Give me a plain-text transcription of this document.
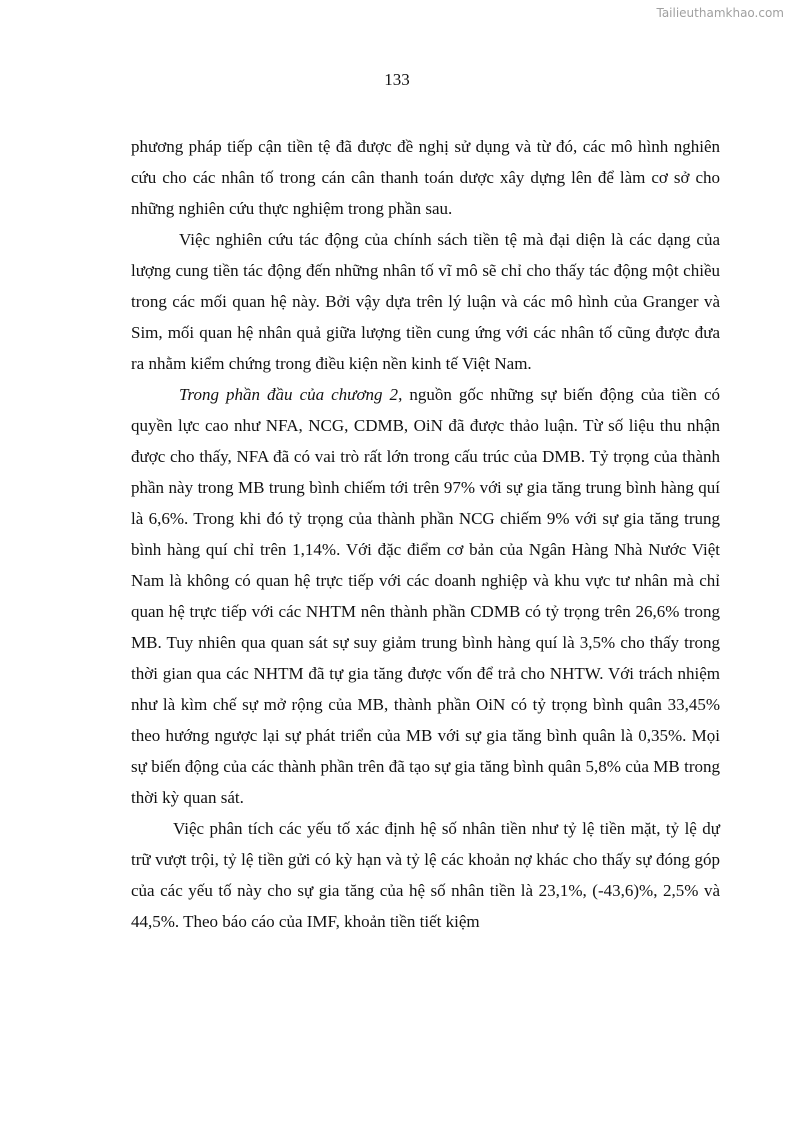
Tailieuthamkhao.com
133

phương pháp tiếp cận tiền tệ đã được đề nghị sử dụng và từ đó, các mô hình nghiên cứu cho các nhân tố trong cán cân thanh toán dược xây dựng lên để làm cơ sở cho những nghiên cứu thực nghiệm trong phần sau.

Việc nghiên cứu tác động của chính sách tiền tệ mà đại diện là các dạng của lượng cung tiền tác động đến những nhân tố vĩ mô sẽ chỉ cho thấy tác động một chiều trong các mối quan hệ này. Bởi vậy dựa trên lý luận và các mô hình của Granger và Sim, mối quan hệ nhân quả giữa lượng tiền cung ứng với các nhân tố cũng được đưa ra nhằm kiểm chứng trong điều kiện nền kinh tế Việt Nam.

Trong phần đầu của chương 2, nguồn gốc những sự biến động của tiền có quyền lực cao như NFA, NCG, CDMB, OiN đã được thảo luận. Từ số liệu thu nhận được cho thấy, NFA đã có vai trò rất lớn trong cấu trúc của DMB. Tỷ trọng của thành phần này trong MB trung bình chiếm tới trên 97% với sự gia tăng trung bình hàng quí là 6,6%. Trong khi đó tỷ trọng của thành phần NCG chiếm 9% với sự gia tăng trung bình hàng quí chỉ trên 1,14%. Với đặc điểm cơ bản của Ngân Hàng Nhà Nước Việt Nam là không có quan hệ trực tiếp với các doanh nghiệp và khu vực tư nhân mà chỉ quan hệ trực tiếp với các NHTM nên thành phần CDMB có tỷ trọng trên 26,6% trong MB. Tuy nhiên qua quan sát sự suy giảm trung bình hàng quí là 3,5% cho thấy trong thời gian qua các NHTM đã tự gia tăng được vốn để trả cho NHTW. Với trách nhiệm như là kìm chế sự mở rộng của MB, thành phần OiN có tỷ trọng bình quân 33,45% theo hướng ngược lại sự phát triển của MB với sự gia tăng bình quân là 0,35%. Mọi sự biến động của các thành phần trên đã tạo sự gia tăng bình quân 5,8% của MB trong thời kỳ quan sát.

Việc phân tích các yếu tố xác định hệ số nhân tiền như tỷ lệ tiền mặt, tỷ lệ dự trữ vượt trội, tỷ lệ tiền gửi có kỳ hạn và tỷ lệ các khoản nợ khác cho thấy sự đóng góp của các yếu tố này cho sự gia tăng của hệ số nhân tiền là 23,1%, (-43,6)%, 2,5% và 44,5%. Theo báo cáo của IMF, khoản tiền tiết kiệm
